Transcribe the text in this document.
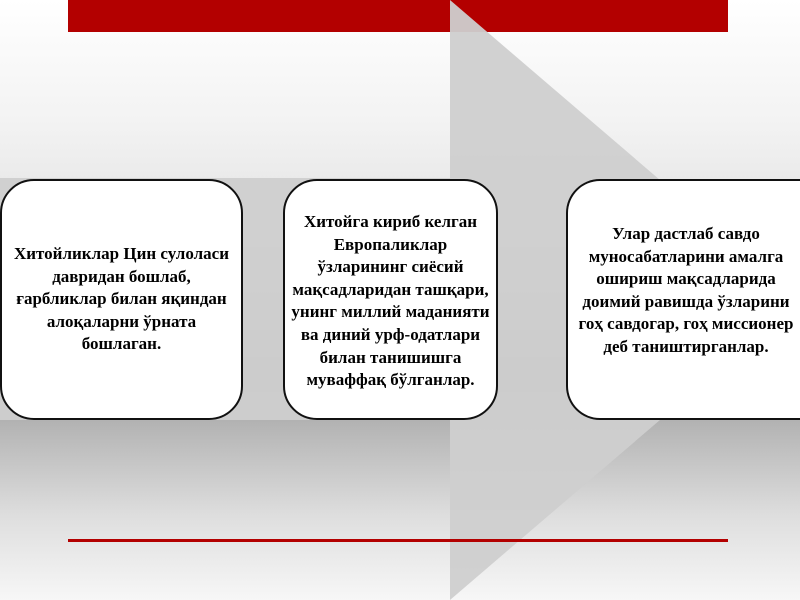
Хитойликлар Цин сулоласи давридан бошлаб, ғарбликлар билан яқиндан алоқаларни ўрната бошлаган.
Хитойга кириб келган Европаликлар ўзларининг сиёсий мақсадларидан ташқари, унинг миллий маданияти ва диний урф-одатлари билан танишишга муваффақ бўлганлар.
Улар дастлаб савдо муносабатларини амалга ошириш мақсадларида доимий равишда ўзларини гоҳ савдогар, гоҳ миссионер деб таништирганлар.
